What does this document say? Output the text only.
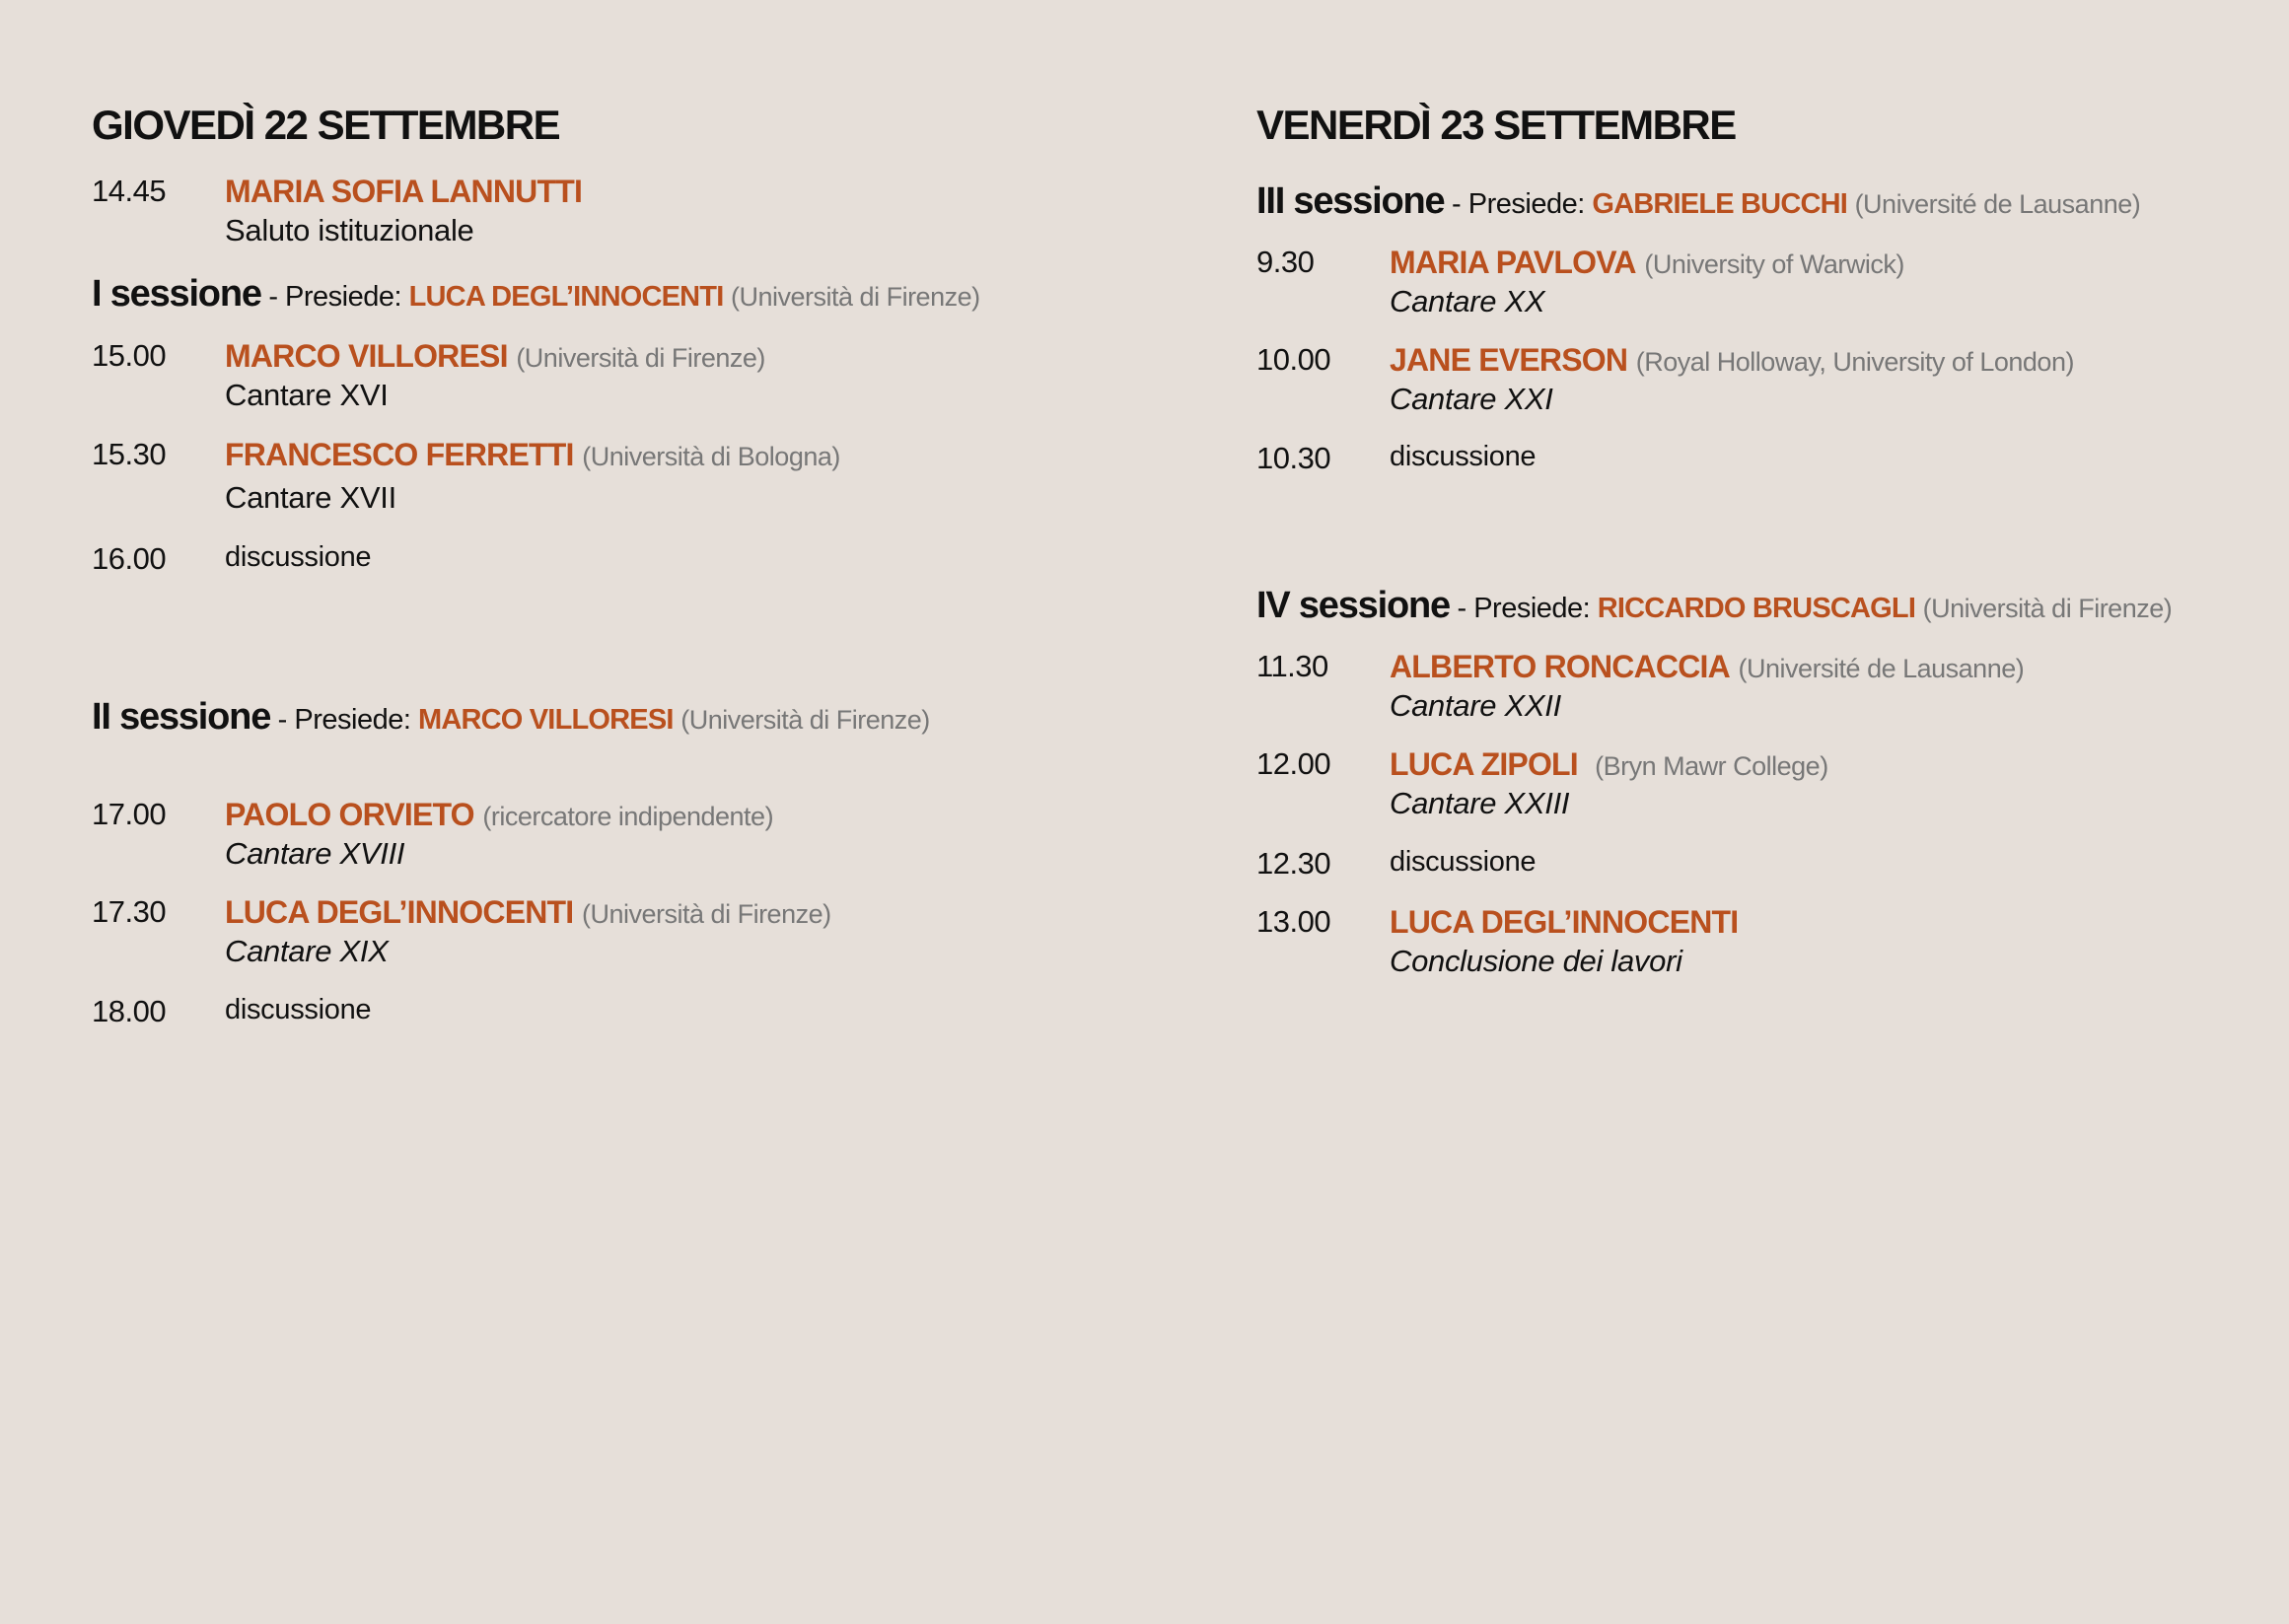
GIOVEDÌ 22 SETTEMBRE
14.45 MARIA SOFIA LANNUTTI
Saluto istituzionale
I sessione - Presiede: LUCA DEGL’INNOCENTI (Università di Firenze)
15.00 MARCO VILLORESI (Università di Firenze)
Cantare XVI
15.30 FRANCESCO FERRETTI (Università di Bologna)
Cantare XVII
16.00 discussione
II sessione - Presiede: MARCO VILLORESI (Università di Firenze)
17.00 PAOLO ORVIETO (ricercatore indipendente)
Cantare XVIII
17.30 LUCA DEGL’INNOCENTI (Università di Firenze)
Cantare XIX
18.00 discussione
VENERDÌ 23 SETTEMBRE
III sessione - Presiede: GABRIELE BUCCHI (Université de Lausanne)
9.30 MARIA PAVLOVA (University of Warwick)
Cantare XX
10.00 JANE EVERSON (Royal Holloway, University of London)
Cantare XXI
10.30 discussione
IV sessione - Presiede: RICCARDO BRUSCAGLI (Università di Firenze)
11.30 ALBERTO RONCACCIA (Université de Lausanne)
Cantare XXII
12.00 LUCA ZIPOLI (Bryn Mawr College)
Cantare XXIII
12.30 discussione
13.00 LUCA DEGL’INNOCENTI
Conclusione dei lavori
